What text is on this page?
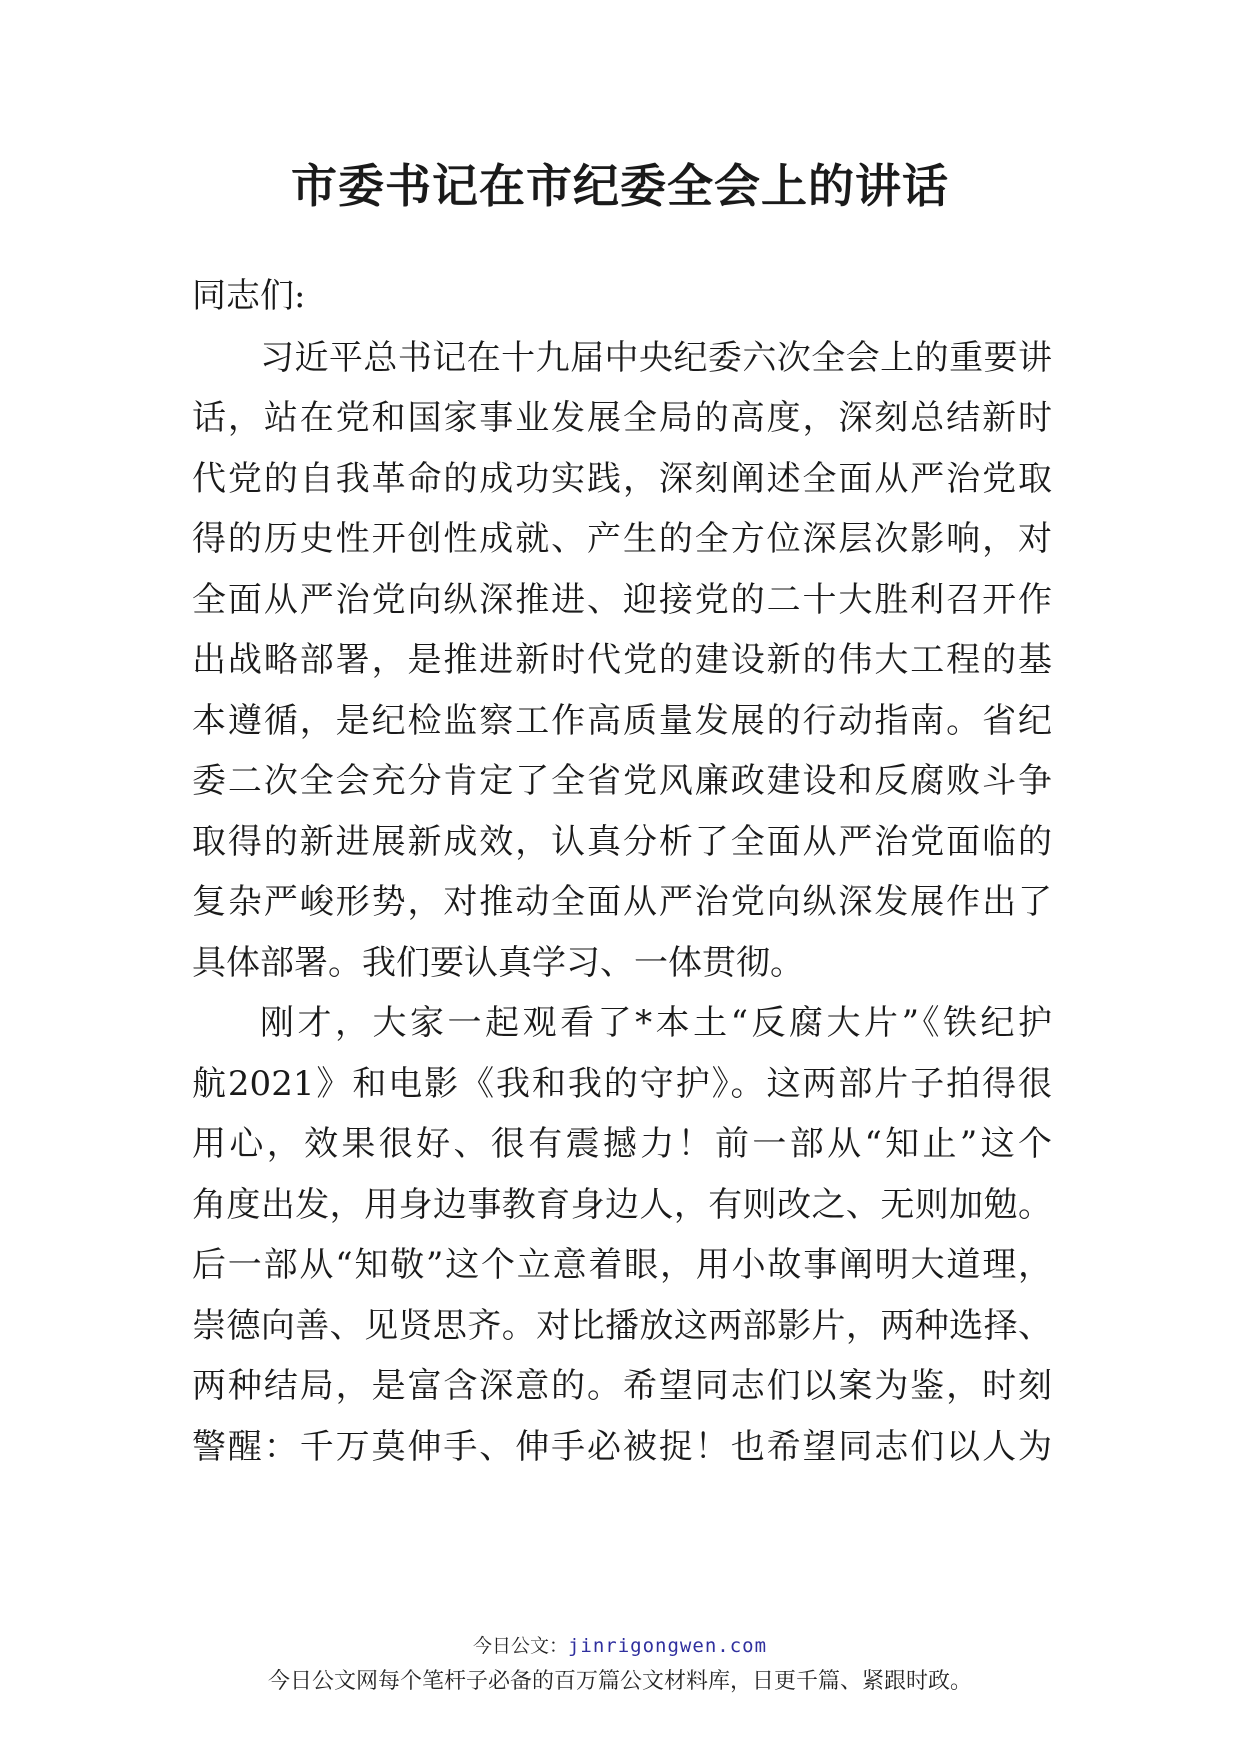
市委书记在市纪委全会上的讲话
同志们:
习近平总书记在十九届中央纪委六次全会上的重要讲
话，站在党和国家事业发展全局的高度，深刻总结新时
代党的自我革命的成功实践，深刻阐述全面从严治党取
得的历史性开创性成就、产生的全方位深层次影响，对
全面从严治党向纵深推进、迎接党的二十大胜利召开作
出战略部署，是推进新时代党的建设新的伟大工程的基
本遵循，是纪检监察工作高质量发展的行动指南。省纪
委二次全会充分肯定了全省党风廉政建设和反腐败斗争
取得的新进展新成效，认真分析了全面从严治党面临的
复杂严峻形势，对推动全面从严治党向纵深发展作出了
具体部署。我们要认真学习、一体贯彻。
刚才，大家一起观看了*本土“反腐大片”《铁纪护
航2021》和电影《我和我的守护》。这两部片子拍得很
用心，效果很好、很有震撼力！前一部从“知止”这个
角度出发，用身边事教育身边人，有则改之、无则加勉。
后一部从“知敬”这个立意着眼，用小故事阐明大道理，
崇德向善、见贤思齐。对比播放这两部影片，两种选择、
两种结局，是富含深意的。希望同志们以案为鉴，时刻
警醒：千万莫伸手、伸手必被捉！也希望同志们以人为
今日公文：jinrigongwen.com
今日公文网每个笔杆子必备的百万篇公文材料库，日更千篇、紧跟时政。
